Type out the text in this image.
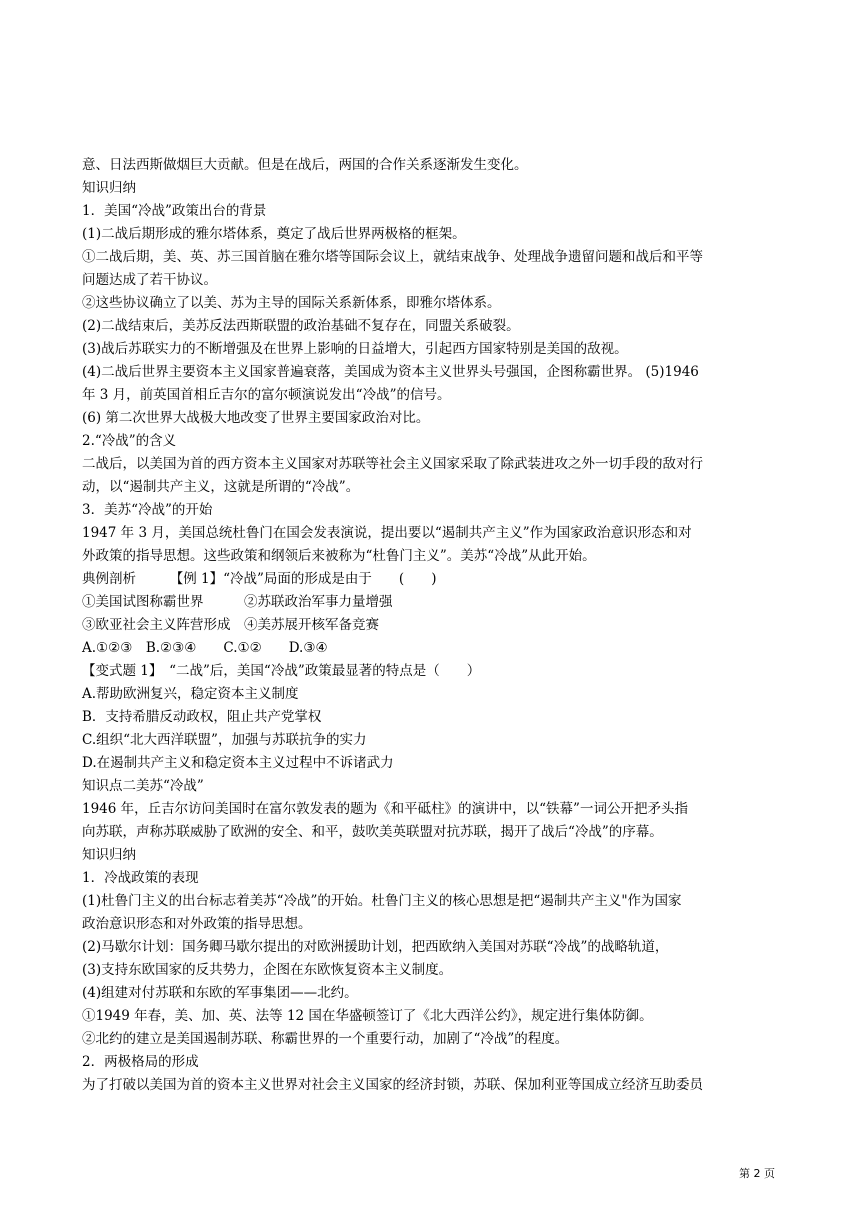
意、日法西斯做烟巨大贡献。但是在战后，两国的合作关系逐渐发生变化。
知识归纳
1．美国“冷战”政策出台的背景
(1)二战后期形成的雅尔塔体系，奠定了战后世界两极格的框架。
①二战后期，美、英、苏三国首脑在雅尔塔等国际会议上，就结束战争、处理战争遗留问题和战后和平等
问题达成了若干协议。
②这些协议确立了以美、苏为主导的国际关系新体系，即雅尔塔体系。
(2)二战结束后，美苏反法西斯联盟的政治基础不复存在，同盟关系破裂。
(3)战后苏联实力的不断增强及在世界上影响的日益增大，引起西方国家特别是美国的敌视。
(4)二战后世界主要资本主义国家普遍衰落，美国成为资本主义世界头号强国，企图称霸世界。 (5)1946
年 3 月，前英国首相丘吉尔的富尔顿演说发出“冷战”的信号。
(6) 第二次世界大战极大地改变了世界主要国家政治对比。
2.“冷战”的含义
二战后，以美国为首的西方资本主义国家对苏联等社会主义国家采取了除武装进攻之外一切手段的敌对行
动，以“遏制共产主义，这就是所谓的“冷战”。
3．美苏“冷战”的开始
1947 年 3 月，美国总统杜鲁门在国会发表演说，提出要以“遏制共产主义”作为国家政治意识形态和对
外政策的指导思想。这些政策和纲领后来被称为“杜鲁门主义”。美苏“冷战”从此开始。
典例剖析　　　【例 1】“冷战”局面的形成是由于　　(　　)
①美国试图称霸世界　　　②苏联政治军事力量增强
③欧亚社会主义阵营形成　④美苏展开核军备竞赛
A.①②③　B.②③④　　C.①②　　D.③④
【变式题 1】　“二战”后，美国“冷战”政策最显著的特点是（　　）
A.帮助欧洲复兴，稳定资本主义制度
B．支持希腊反动政权，阻止共产党掌权
C.组织“北大西洋联盟”，加强与苏联抗争的实力
D.在遏制共产主义和稳定资本主义过程中不诉诸武力
知识点二美苏“冷战”
1946 年，丘吉尔访问美国时在富尔敦发表的题为《和平砥柱》的演讲中，以“铁幕”一词公开把矛头指
向苏联，声称苏联威胁了欧洲的安全、和平，鼓吹美英联盟对抗苏联，揭开了战后“冷战”的序幕。
知识归纳
1．冷战政策的表现
(1)杜鲁门主义的出台标志着美苏“冷战”的开始。杜鲁门主义的核心思想是把“遏制共产主义"作为国家
政治意识形态和对外政策的指导思想。
(2)马歇尔计划：国务卿马歇尔提出的对欧洲援助计划，把西欧纳入美国对苏联“冷战”的战略轨道，
(3)支持东欧国家的反共势力，企图在东欧恢复资本主义制度。
(4)组建对付苏联和东欧的军事集团——北约。
①1949 年春，美、加、英、法等 12 国在华盛顿签订了《北大西洋公约》，规定进行集体防御。
②北约的建立是美国遏制苏联、称霸世界的一个重要行动，加剧了“冷战”的程度。
2．两极格局的形成
为了打破以美国为首的资本主义世界对社会主义国家的经济封锁，苏联、保加利亚等国成立经济互助委员
第 2 页
